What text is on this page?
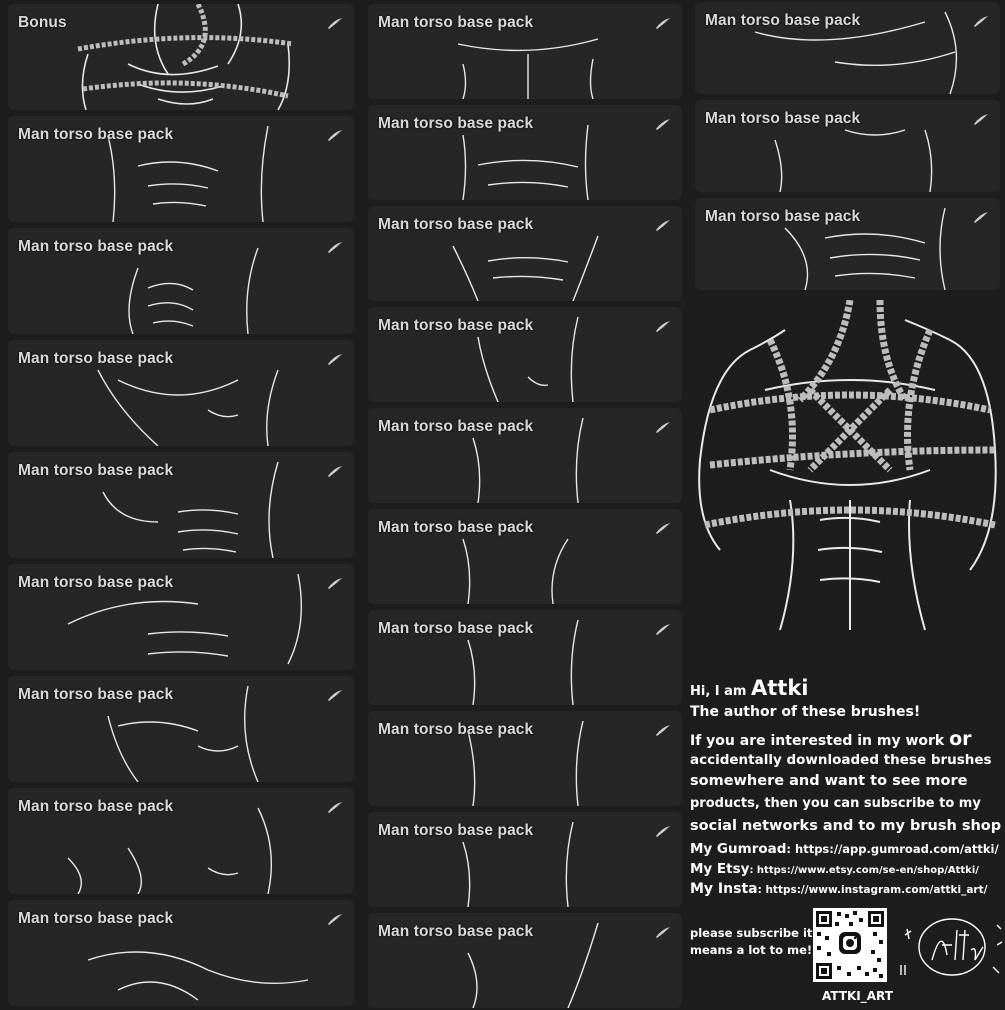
Bonus
Man torso base pack
Man torso base pack
Man torso base pack
Man torso base pack
Man torso base pack
Man torso base pack
Man torso base pack
Man torso base pack
Man torso base pack
Man torso base pack
Man torso base pack
Man torso base pack
Man torso base pack
Man torso base pack
Man torso base pack
Man torso base pack
Man torso base pack
Man torso base pack
Man torso base pack
Man torso base pack
Man torso base pack
Hi, I am Attki
The author of these brushes!
If you are interested in my work or
accidentally downloaded these brushes
somewhere and want to see more
products, then you can subscribe to my
social networks and to my brush shop
My Gumroad: https://app.gumroad.com/attki/
My Etsy: https://www.etsy.com/se-en/shop/Attki/
My Insta: https://www.instagram.com/attki_art/
please subscribe it
means a lot to me!
ATTKI_ART
